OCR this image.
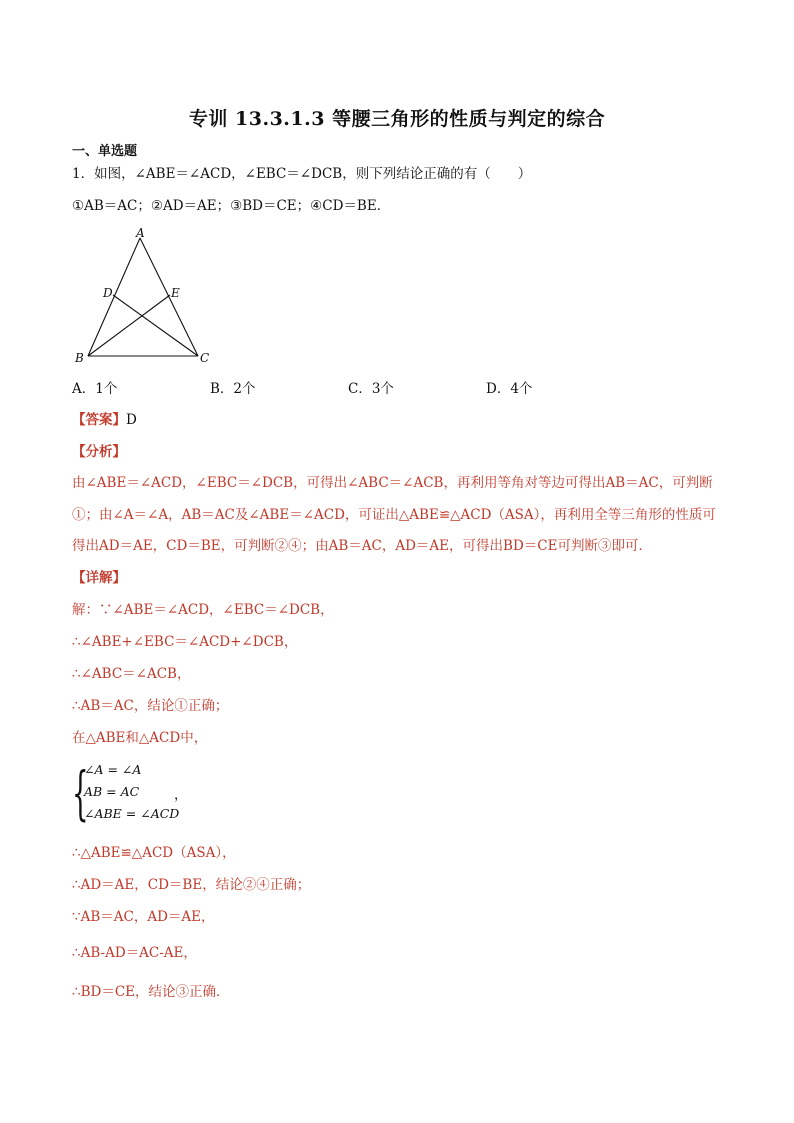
专训 13.3.1.3 等腰三角形的性质与判定的综合
一、单选题
1．如图，∠ABE＝∠ACD，∠EBC＝∠DCB，则下列结论正确的有（　　）
①AB＝AC；②AD＝AE；③BD＝CE；④CD＝BE．
A
B	C
D	E
A．1个	B．2个	C．3个	D．4个
【答案】D
【分析】
由∠ABE＝∠ACD，∠EBC＝∠DCB，可得出∠ABC＝∠ACB，再利用等角对等边可得出AB＝AC，可判断
①；由∠A＝∠A，AB＝AC及∠ABE＝∠ACD，可证出△ABE≌△ACD（ASA），再利用全等三角形的性质可
得出AD＝AE，CD＝BE，可判断②④；由AB＝AC，AD＝AE，可得出BD＝CE可判断③即可．
【详解】
解：∵∠ABE＝∠ACD，∠EBC＝∠DCB，
∴∠ABE+∠EBC＝∠ACD+∠DCB，
∴∠ABC＝∠ACB，
∴AB＝AC，结论①正确；
在△ABE和△ACD中，
{
∠A = ∠A
AB = AC
∠ABE = ∠ACD
，
∴△ABE≌△ACD（ASA），
∴AD＝AE，CD＝BE，结论②④正确；
∵AB＝AC，AD＝AE，
∴AB-AD＝AC-AE，
∴BD＝CE，结论③正确．
